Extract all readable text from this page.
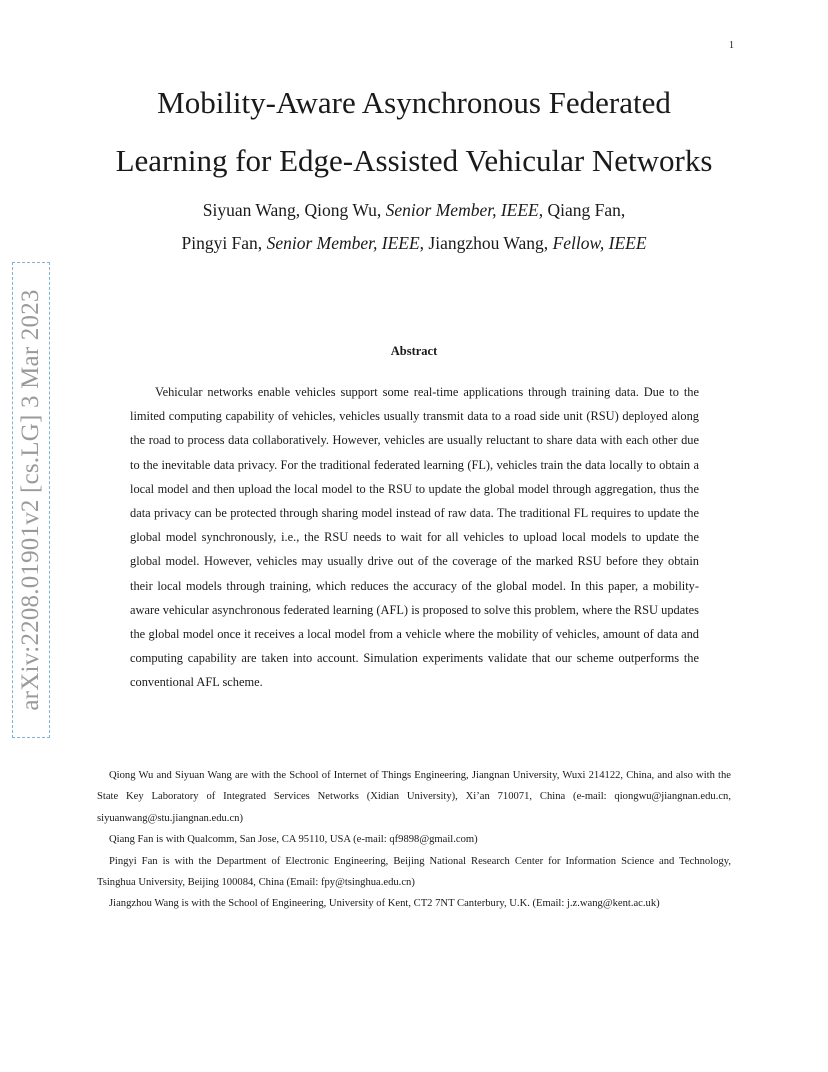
1
arXiv:2208.01901v2 [cs.LG] 3 Mar 2023
Mobility-Aware Asynchronous Federated
Learning for Edge-Assisted Vehicular Networks
Siyuan Wang, Qiong Wu, Senior Member, IEEE, Qiang Fan,
Pingyi Fan, Senior Member, IEEE, Jiangzhou Wang, Fellow, IEEE
Abstract

Vehicular networks enable vehicles support some real-time applications through training data. Due to the limited computing capability of vehicles, vehicles usually transmit data to a road side unit (RSU) deployed along the road to process data collaboratively. However, vehicles are usually reluctant to share data with each other due to the inevitable data privacy. For the traditional federated learning (FL), vehicles train the data locally to obtain a local model and then upload the local model to the RSU to update the global model through aggregation, thus the data privacy can be protected through sharing model instead of raw data. The traditional FL requires to update the global model synchronously, i.e., the RSU needs to wait for all vehicles to upload local models to update the global model. However, vehicles may usually drive out of the coverage of the marked RSU before they obtain their local models through training, which reduces the accuracy of the global model. In this paper, a mobility-aware vehicular asynchronous federated learning (AFL) is proposed to solve this problem, where the RSU updates the global model once it receives a local model from a vehicle where the mobility of vehicles, amount of data and computing capability are taken into account. Simulation experiments validate that our scheme outperforms the conventional AFL scheme.

Qiong Wu and Siyuan Wang are with the School of Internet of Things Engineering, Jiangnan University, Wuxi 214122, China, and also with the State Key Laboratory of Integrated Services Networks (Xidian University), Xi’an 710071, China (e-mail: qiongwu@jiangnan.edu.cn, siyuanwang@stu.jiangnan.edu.cn)

Qiang Fan is with Qualcomm, San Jose, CA 95110, USA (e-mail: qf9898@gmail.com)

Pingyi Fan is with the Department of Electronic Engineering, Beijing National Research Center for Information Science and Technology, Tsinghua University, Beijing 100084, China (Email: fpy@tsinghua.edu.cn)

Jiangzhou Wang is with the School of Engineering, University of Kent, CT2 7NT Canterbury, U.K. (Email: j.z.wang@kent.ac.uk)
